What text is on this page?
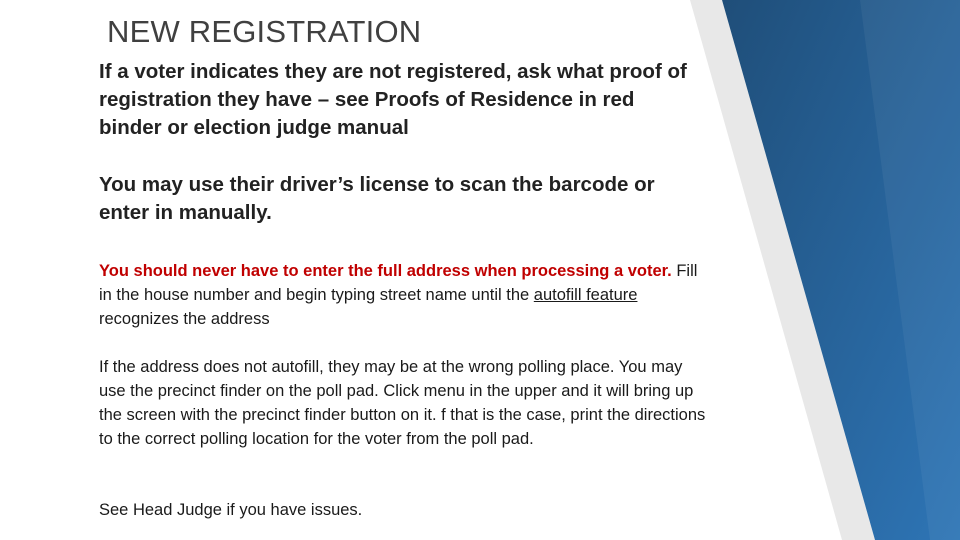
NEW REGISTRATION
If a voter indicates they are not registered, ask what proof of registration they have – see Proofs of Residence in red binder or election judge manual
You may use their driver’s license to scan the barcode or enter in manually.
You should never have to enter the full address when processing a voter. Fill in the house number and begin typing street name until the autofill feature recognizes the address
If the address does not autofill, they may be at the wrong polling place. You may use the precinct finder on the poll pad. Click menu in the upper and it will bring up the screen with the precinct finder button on it. f that is the case, print the directions to the correct polling location for the voter from the poll pad.
See Head Judge if you have issues.
